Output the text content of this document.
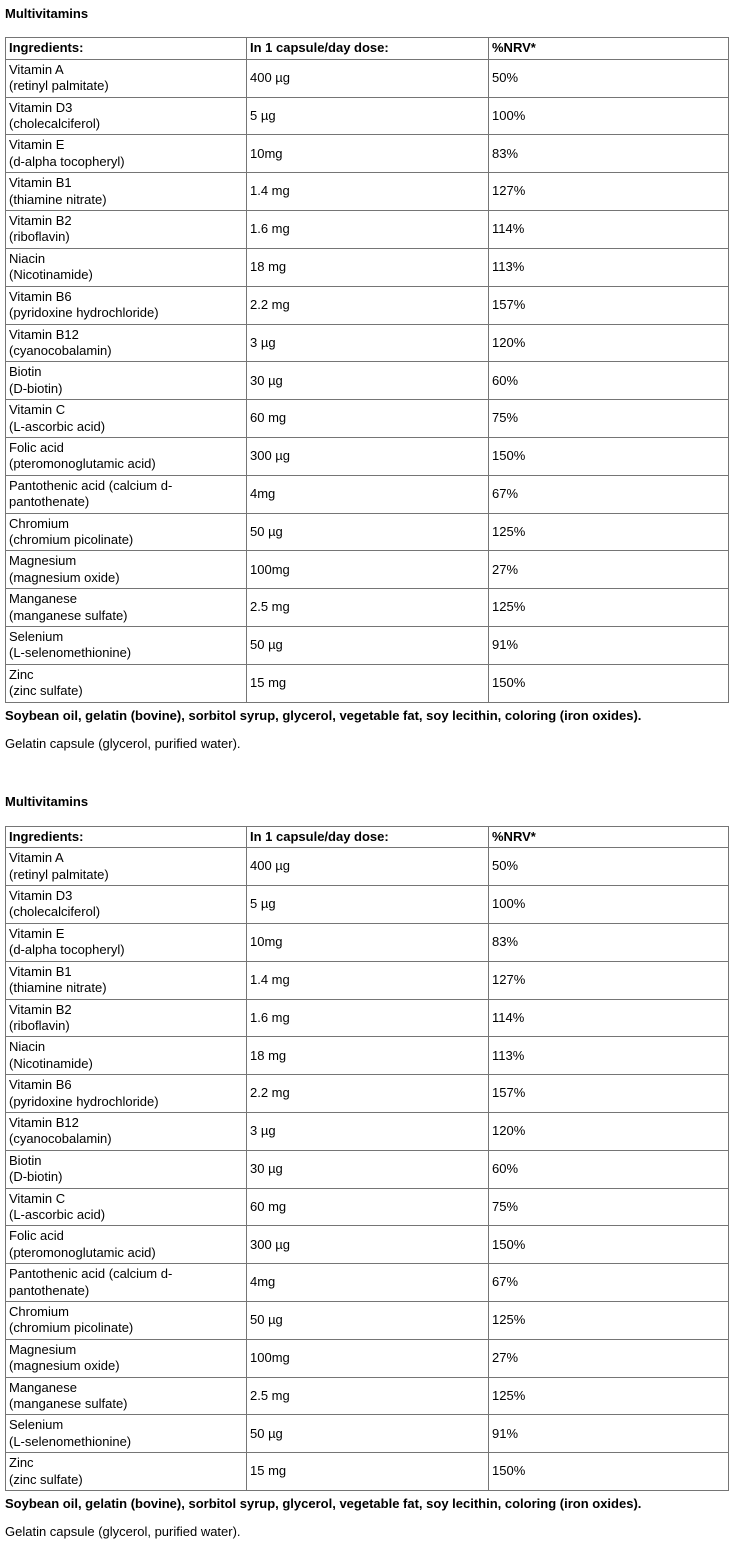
Multivitamins
Ingredients:	In 1 capsule/day dose:	%NRV*

Vitamin A
(retinyl palmitate)	400 µg	50%

Vitamin D3
(cholecalciferol)	5 µg	100%

Vitamin E
(d-alpha tocopheryl)	10mg	83%

Vitamin B1
(thiamine nitrate)	1.4 mg	127%

Vitamin B2
(riboflavin)	1.6 mg	114%

Niacin
(Nicotinamide)	18 mg	113%

Vitamin B6
(pyridoxine hydrochloride)	2.2 mg	157%

Vitamin B12
(cyanocobalamin)	3 µg	120%

Biotin
(D-biotin)	30 µg	60%

Vitamin C
(L-ascorbic acid)	60 mg	75%

Folic acid
(pteromonoglutamic acid)	300 µg	150%

Pantothenic acid (calcium d-pantothenate)	4mg	67%

Chromium
(chromium picolinate)	50 µg	125%

Magnesium
(magnesium oxide)	100mg	27%

Manganese
(manganese sulfate)	2.5 mg	125%

Selenium
(L-selenomethionine)	50 µg	91%

Zinc
(zinc sulfate)	15 mg	150%

Soybean oil, gelatin (bovine), sorbitol syrup, glycerol, vegetable fat, soy lecithin, coloring (iron oxides).

Gelatin capsule (glycerol, purified water).

Multivitamins
Ingredients:	In 1 capsule/day dose:	%NRV*

Vitamin A
(retinyl palmitate)	400 µg	50%

Vitamin D3
(cholecalciferol)	5 µg	100%

Vitamin E
(d-alpha tocopheryl)	10mg	83%

Vitamin B1
(thiamine nitrate)	1.4 mg	127%

Vitamin B2
(riboflavin)	1.6 mg	114%

Niacin
(Nicotinamide)	18 mg	113%

Vitamin B6
(pyridoxine hydrochloride)	2.2 mg	157%

Vitamin B12
(cyanocobalamin)	3 µg	120%

Biotin
(D-biotin)	30 µg	60%

Vitamin C
(L-ascorbic acid)	60 mg	75%

Folic acid
(pteromonoglutamic acid)	300 µg	150%

Pantothenic acid (calcium d-pantothenate)	4mg	67%

Chromium
(chromium picolinate)	50 µg	125%

Magnesium
(magnesium oxide)	100mg	27%

Manganese
(manganese sulfate)	2.5 mg	125%

Selenium
(L-selenomethionine)	50 µg	91%

Zinc
(zinc sulfate)	15 mg	150%

Soybean oil, gelatin (bovine), sorbitol syrup, glycerol, vegetable fat, soy lecithin, coloring (iron oxides).

Gelatin capsule (glycerol, purified water).
